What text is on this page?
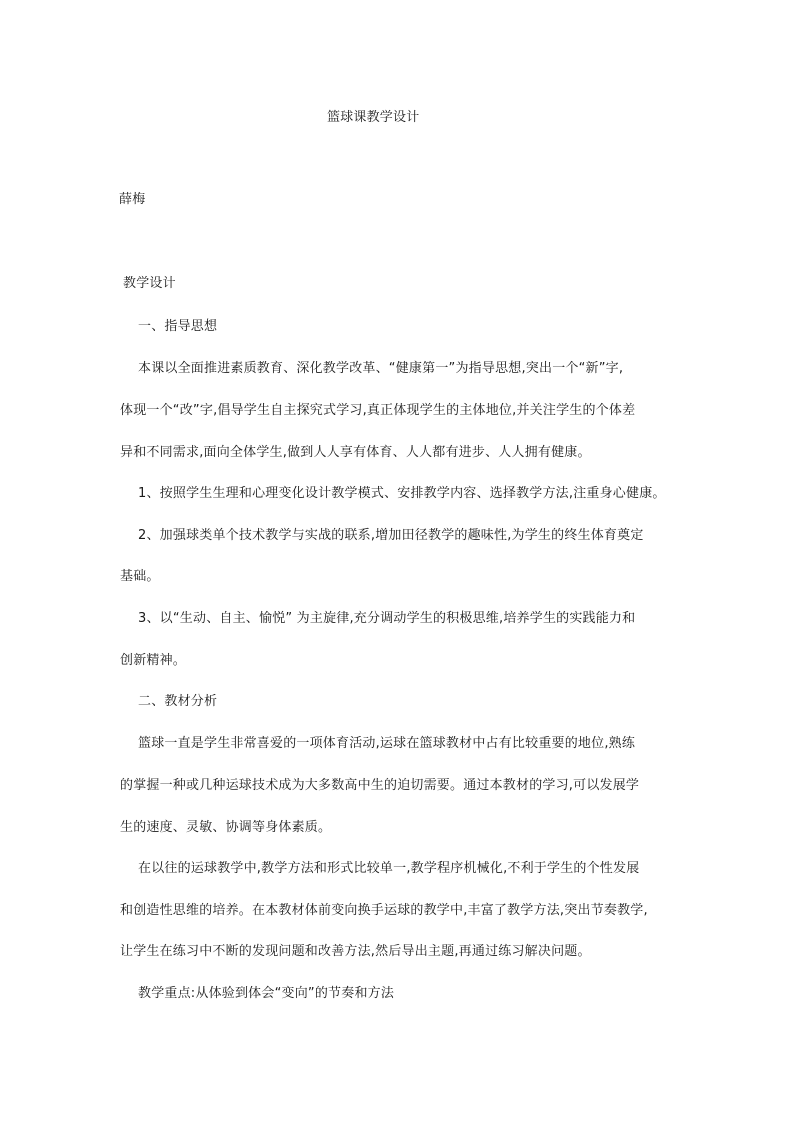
篮球课教学设计
薛梅
教学设计
一、指导思想
本课以全面推进素质教育、深化教学改革、“健康第一”为指导思想,突出一个“新”字,
体现一个“改”字,倡导学生自主探究式学习,真正体现学生的主体地位,并关注学生的个体差
异和不同需求,面向全体学生,做到人人享有体育、人人都有进步、人人拥有健康。
1、按照学生生理和心理变化设计教学模式、安排教学内容、选择教学方法,注重身心健康。
2、加强球类单个技术教学与实战的联系,增加田径教学的趣味性,为学生的终生体育奠定
基础。
3、以“生动、自主、愉悦” 为主旋律,充分调动学生的积极思维,培养学生的实践能力和
创新精神。
二、教材分析
篮球一直是学生非常喜爱的一项体育活动,运球在篮球教材中占有比较重要的地位,熟练
的掌握一种或几种运球技术成为大多数高中生的迫切需要。通过本教材的学习,可以发展学
生的速度、灵敏、协调等身体素质。
在以往的运球教学中,教学方法和形式比较单一,教学程序机械化,不利于学生的个性发展
和创造性思维的培养。在本教材体前变向换手运球的教学中,丰富了教学方法,突出节奏教学,
让学生在练习中不断的发现问题和改善方法,然后导出主题,再通过练习解决问题。
教学重点:从体验到体会“变向”的节奏和方法
